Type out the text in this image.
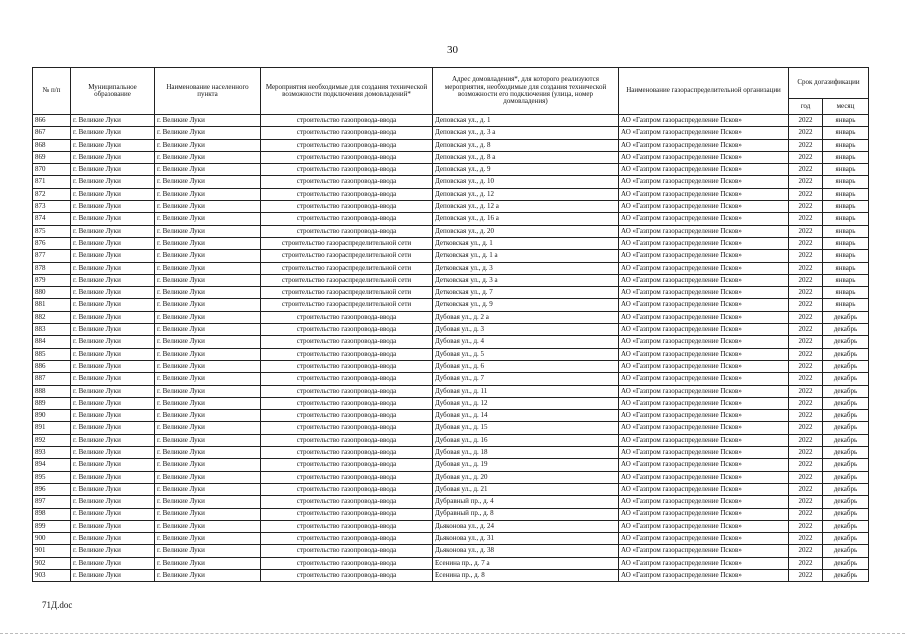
30
№ п/п	Муниципальное образование	Наименование населенного пункта	Мероприятия необходимые для создания технической возможности подключения домовладений*	Адрес домовладения*, для которого реализуются мероприятия, необходимые для создания технической возможности его подключения (улица, номер домовладения)	Наименование газораспределительной организации	Срок догазификации	
						год	месяц
866	г. Великие Луки	г. Великие Луки	строительство газопровода-ввода	Деповская ул., д. 1	АО «Газпром газораспределение Псков»	2022	январь
867	г. Великие Луки	г. Великие Луки	строительство газопровода-ввода	Деповская ул., д. 3 а	АО «Газпром газораспределение Псков»	2022	январь
868	г. Великие Луки	г. Великие Луки	строительство газопровода-ввода	Деповская ул., д. 8	АО «Газпром газораспределение Псков»	2022	январь
869	г. Великие Луки	г. Великие Луки	строительство газопровода-ввода	Деповская ул., д. 8 а	АО «Газпром газораспределение Псков»	2022	январь
870	г. Великие Луки	г. Великие Луки	строительство газопровода-ввода	Деповская ул., д. 9	АО «Газпром газораспределение Псков»	2022	январь
871	г. Великие Луки	г. Великие Луки	строительство газопровода-ввода	Деповская ул., д. 10	АО «Газпром газораспределение Псков»	2022	январь
872	г. Великие Луки	г. Великие Луки	строительство газопровода-ввода	Деповская ул., д. 12	АО «Газпром газораспределение Псков»	2022	январь
873	г. Великие Луки	г. Великие Луки	строительство газопровода-ввода	Деповская ул., д. 12 а	АО «Газпром газораспределение Псков»	2022	январь
874	г. Великие Луки	г. Великие Луки	строительство газопровода-ввода	Деповская ул., д. 16 а	АО «Газпром газораспределение Псков»	2022	январь
875	г. Великие Луки	г. Великие Луки	строительство газопровода-ввода	Деповская ул., д. 20	АО «Газпром газораспределение Псков»	2022	январь
876	г. Великие Луки	г. Великие Луки	строительство газораспределительной сети	Детковская ул., д. 1	АО «Газпром газораспределение Псков»	2022	январь
877	г. Великие Луки	г. Великие Луки	строительство газораспределительной сети	Детковская ул., д. 1 а	АО «Газпром газораспределение Псков»	2022	январь
878	г. Великие Луки	г. Великие Луки	строительство газораспределительной сети	Детковская ул., д. 3	АО «Газпром газораспределение Псков»	2022	январь
879	г. Великие Луки	г. Великие Луки	строительство газораспределительной сети	Детковская ул., д. 3 а	АО «Газпром газораспределение Псков»	2022	январь
880	г. Великие Луки	г. Великие Луки	строительство газораспределительной сети	Детковская ул., д. 7	АО «Газпром газораспределение Псков»	2022	январь
881	г. Великие Луки	г. Великие Луки	строительство газораспределительной сети	Детковская ул., д. 9	АО «Газпром газораспределение Псков»	2022	январь
882	г. Великие Луки	г. Великие Луки	строительство газопровода-ввода	Дубовая ул., д. 2 а	АО «Газпром газораспределение Псков»	2022	декабрь
883	г. Великие Луки	г. Великие Луки	строительство газопровода-ввода	Дубовая ул., д. 3	АО «Газпром газораспределение Псков»	2022	декабрь
884	г. Великие Луки	г. Великие Луки	строительство газопровода-ввода	Дубовая ул., д. 4	АО «Газпром газораспределение Псков»	2022	декабрь
885	г. Великие Луки	г. Великие Луки	строительство газопровода-ввода	Дубовая ул., д. 5	АО «Газпром газораспределение Псков»	2022	декабрь
886	г. Великие Луки	г. Великие Луки	строительство газопровода-ввода	Дубовая ул., д. 6	АО «Газпром газораспределение Псков»	2022	декабрь
887	г. Великие Луки	г. Великие Луки	строительство газопровода-ввода	Дубовая ул., д. 7	АО «Газпром газораспределение Псков»	2022	декабрь
888	г. Великие Луки	г. Великие Луки	строительство газопровода-ввода	Дубовая ул., д. 11	АО «Газпром газораспределение Псков»	2022	декабрь
889	г. Великие Луки	г. Великие Луки	строительство газопровода-ввода	Дубовая ул., д. 12	АО «Газпром газораспределение Псков»	2022	декабрь
890	г. Великие Луки	г. Великие Луки	строительство газопровода-ввода	Дубовая ул., д. 14	АО «Газпром газораспределение Псков»	2022	декабрь
891	г. Великие Луки	г. Великие Луки	строительство газопровода-ввода	Дубовая ул., д. 15	АО «Газпром газораспределение Псков»	2022	декабрь
892	г. Великие Луки	г. Великие Луки	строительство газопровода-ввода	Дубовая ул., д. 16	АО «Газпром газораспределение Псков»	2022	декабрь
893	г. Великие Луки	г. Великие Луки	строительство газопровода-ввода	Дубовая ул., д. 18	АО «Газпром газораспределение Псков»	2022	декабрь
894	г. Великие Луки	г. Великие Луки	строительство газопровода-ввода	Дубовая ул., д. 19	АО «Газпром газораспределение Псков»	2022	декабрь
895	г. Великие Луки	г. Великие Луки	строительство газопровода-ввода	Дубовая ул., д. 20	АО «Газпром газораспределение Псков»	2022	декабрь
896	г. Великие Луки	г. Великие Луки	строительство газопровода-ввода	Дубовая ул., д. 21	АО «Газпром газораспределение Псков»	2022	декабрь
897	г. Великие Луки	г. Великие Луки	строительство газопровода-ввода	Дубравный пр., д. 4	АО «Газпром газораспределение Псков»	2022	декабрь
898	г. Великие Луки	г. Великие Луки	строительство газопровода-ввода	Дубравный пр., д. 8	АО «Газпром газораспределение Псков»	2022	декабрь
899	г. Великие Луки	г. Великие Луки	строительство газопровода-ввода	Дьяконова ул., д. 24	АО «Газпром газораспределение Псков»	2022	декабрь
900	г. Великие Луки	г. Великие Луки	строительство газопровода-ввода	Дьяконова ул., д. 31	АО «Газпром газораспределение Псков»	2022	декабрь
901	г. Великие Луки	г. Великие Луки	строительство газопровода-ввода	Дьяконова ул., д. 38	АО «Газпром газораспределение Псков»	2022	декабрь
902	г. Великие Луки	г. Великие Луки	строительство газопровода-ввода	Есенина пр., д. 7 а	АО «Газпром газораспределение Псков»	2022	декабрь
903	г. Великие Луки	г. Великие Луки	строительство газопровода-ввода	Есенина пр., д. 8	АО «Газпром газораспределение Псков»	2022	декабрь
71Д.doc
